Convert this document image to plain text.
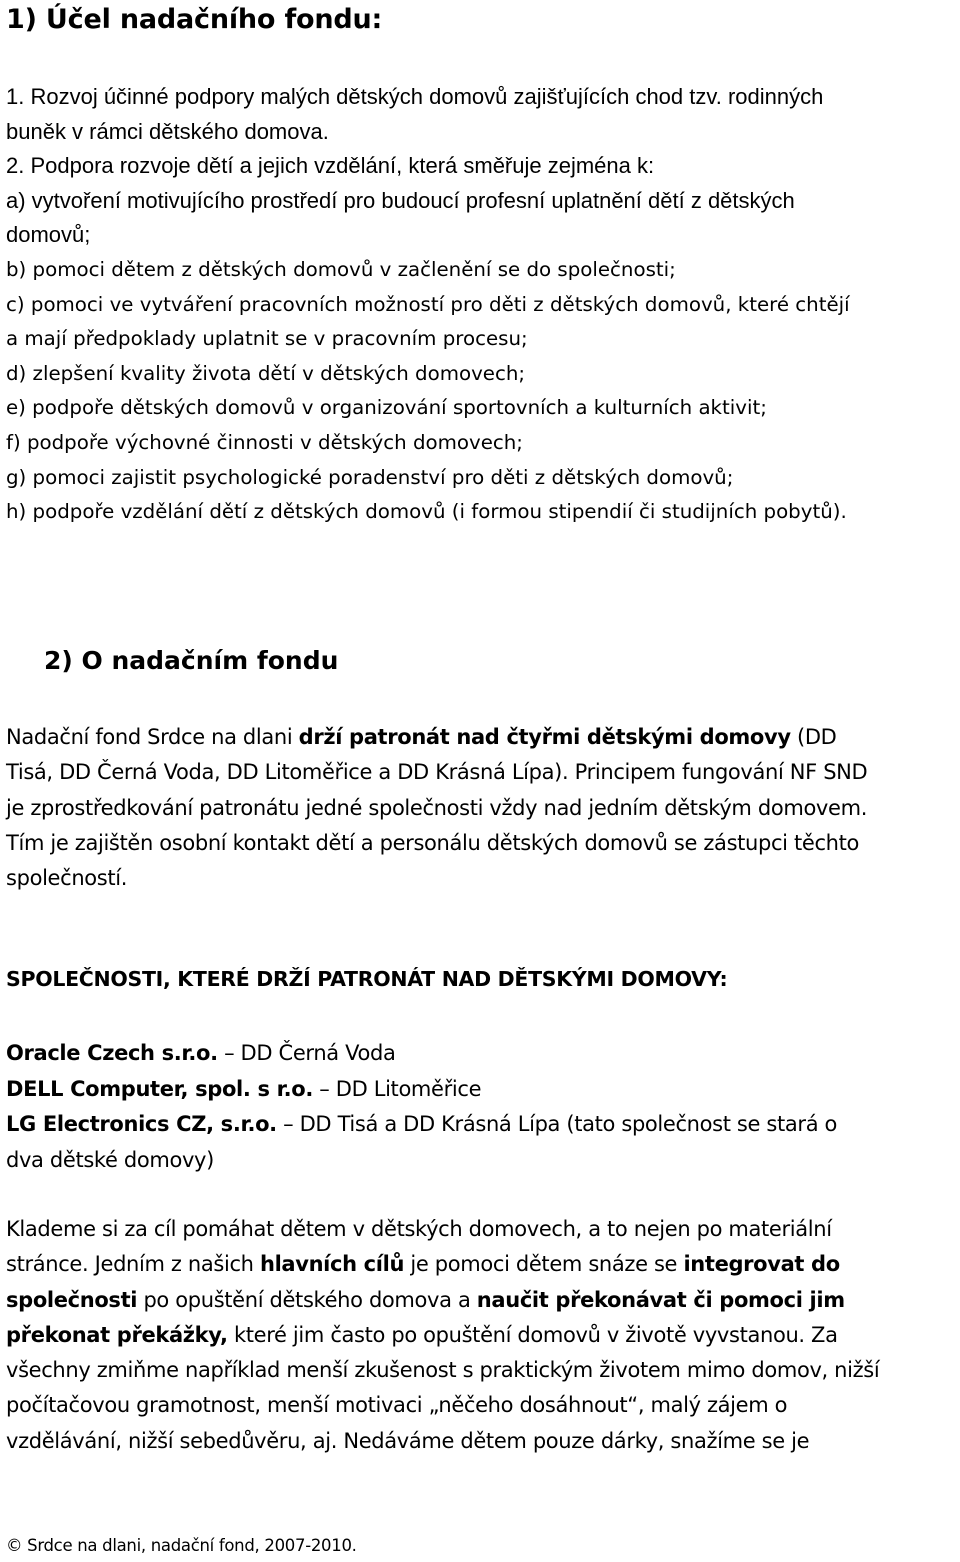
1) Účel nadačního fondu:
1. Rozvoj účinné podpory malých dětských domovů zajišťujících chod tzv. rodinných
buněk v rámci dětského domova.
2. Podpora rozvoje dětí a jejich vzdělání, která směřuje zejména k:
a) vytvoření motivujícího prostředí pro budoucí profesní uplatnění dětí z dětských
domovů;
b) pomoci dětem z dětských domovů v začlenění se do společnosti;
c) pomoci ve vytváření pracovních možností pro děti z dětských domovů, které chtějí
a mají předpoklady uplatnit se v pracovním procesu;
d) zlepšení kvality života dětí v dětských domovech;
e) podpoře dětských domovů v organizování sportovních a kulturních aktivit;
f) podpoře výchovné činnosti v dětských domovech;
g) pomoci zajistit psychologické poradenství pro děti z dětských domovů;
h) podpoře vzdělání dětí z dětských domovů (i formou stipendií či studijních pobytů).
2) O nadačním fondu
Nadační fond Srdce na dlani drží patronát nad čtyřmi dětskými domovy (DD
Tisá, DD Černá Voda, DD Litoměřice a DD Krásná Lípa). Principem fungování NF SND
je zprostředkování patronátu jedné společnosti vždy nad jedním dětským domovem.
Tím je zajištěn osobní kontakt dětí a personálu dětských domovů se zástupci těchto
společností.
SPOLEČNOSTI, KTERÉ DRŽÍ PATRONÁT NAD DĚTSKÝMI DOMOVY:
Oracle Czech s.r.o. – DD Černá Voda
DELL Computer, spol. s r.o. – DD Litoměřice
LG Electronics CZ, s.r.o. – DD Tisá a DD Krásná Lípa (tato společnost se stará o
dva dětské domovy)
Klademe si za cíl pomáhat dětem v dětských domovech, a to nejen po materiální
stránce. Jedním z našich hlavních cílů je pomoci dětem snáze se integrovat do
společnosti po opuštění dětského domova a naučit překonávat či pomoci jim
překonat překážky, které jim často po opuštění domovů v životě vyvstanou. Za
všechny zmiňme například menší zkušenost s praktickým životem mimo domov, nižší
počítačovou gramotnost, menší motivaci „něčeho dosáhnout“, malý zájem o
vzdělávání, nižší sebedůvěru, aj. Nedáváme dětem pouze dárky, snažíme se je
© Srdce na dlani, nadační fond, 2007-2010.
